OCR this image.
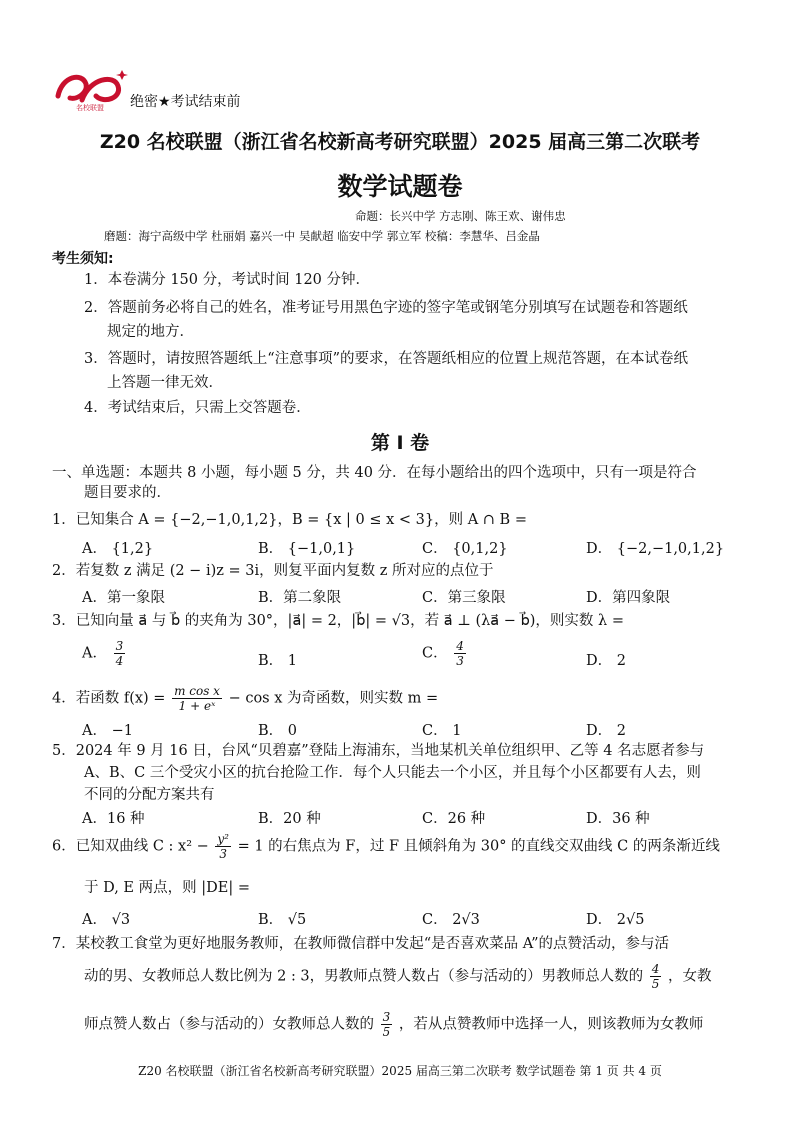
名校联盟 绝密★考试结束前
Z20 名校联盟（浙江省名校新高考研究联盟）2025 届高三第二次联考
数学试题卷
命题：长兴中学 方志刚、陈王欢、谢伟忠
磨题：海宁高级中学 杜丽娟 嘉兴一中 吴献超 临安中学 郭立军 校稿：李慧华、吕金晶
考生须知:
1．本卷满分 150 分，考试时间 120 分钟．
2．答题前务必将自己的姓名，准考证号用黑色字迹的签字笔或钢笔分别填写在试题卷和答题纸
规定的地方．
3．答题时，请按照答题纸上“注意事项”的要求，在答题纸相应的位置上规范答题，在本试卷纸
上答题一律无效．
4．考试结束后，只需上交答题卷．
第 I 卷
一、单选题：本题共 8 小题，每小题 5 分，共 40 分．在每小题给出的四个选项中，只有一项是符合
题目要求的．
1．已知集合 A = {−2,−1,0,1,2}，B = {x | 0 ≤ x < 3}，则 A ∩ B =
A． {1,2}	B． {−1,0,1}	C． {0,1,2}	D． {−2,−1,0,1,2}
2．若复数 z 满足 (2 − i)z = 3i，则复平面内复数 z 所对应的点位于
A．第一象限	B．第二象限	C．第三象限	D．第四象限
3．已知向量 a⃗ 与 b⃗ 的夹角为 30°，|a⃗| = 2，|b⃗| = √3，若 a⃗ ⊥ (λa⃗ − b⃗)，则实数 λ =
A． $\frac{3}{4}$	B． 1	C． $\frac{4}{3}$	D． 2
4．若函数 $f(x) = \frac{\text{m cos x}}{\text{1 + eˣ}} - \cos x$ 为奇函数，则实数 m =
A． −1	B． 0	C． 1	D． 2
5．2024 年 9 月 16 日，台风“贝碧嘉”登陆上海浦东，当地某机关单位组织甲、乙等 4 名志愿者参与
A、B、C 三个受灾小区的抗台抢险工作．每个人只能去一个小区，并且每个小区都要有人去，则
不同的分配方案共有
A．16 种	B．20 种	C．26 种	D．36 种
6．已知双曲线 C : $x^2 - \frac{\text{y²}}{3} = 1$ 的右焦点为 F，过 F 且倾斜角为 30° 的直线交双曲线 C 的两条渐近线
于 D, E 两点，则 |DE| =
A． √3	B． √5	C． 2√3	D． 2√5
7．某校教工食堂为更好地服务教师，在教师微信群中发起“是否喜欢菜品 A”的点赞活动，参与活
动的男、女教师总人数比例为 2 : 3，男教师点赞人数占（参与活动的）男教师总人数的 $\frac{4}{5}$ ，女教
师点赞人数占（参与活动的）女教师总人数的 $\frac{3}{5}$ ，若从点赞教师中选择一人，则该教师为女教师
Z20 名校联盟（浙江省名校新高考研究联盟）2025 届高三第二次联考 数学试题卷 第 1 页 共 4 页
